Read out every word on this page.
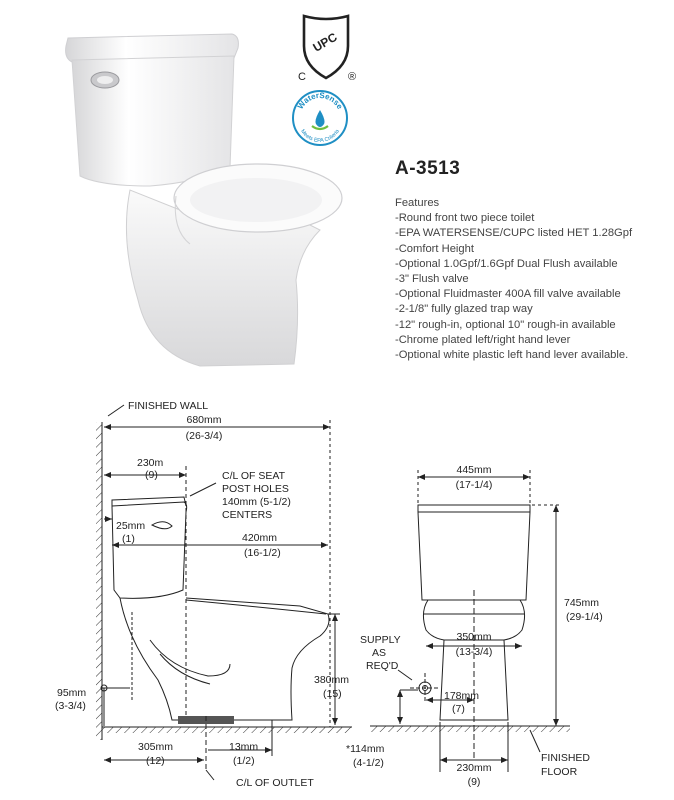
UPC
C	®
WaterSense
Meets EPA Criteria
A-3513
Features
-Round front two piece toilet
-EPA WATERSENSE/CUPC listed HET 1.28Gpf
-Comfort Height
-Optional 1.0Gpf/1.6Gpf Dual Flush available
-3" Flush valve
-Optional Fluidmaster 400A fill valve available
-2-1/8" fully glazed trap way
-12" rough-in, optional 10" rough-in available
-Chrome plated left/right hand lever
-Optional white plastic left hand lever available.
FINISHED WALL
680mm
(26-3/4)
230m
(9)	C/L OF SEAT
POST HOLES
140mm (5-1/2)
CENTERS
25mm
(1)	420mm
(16-1/2)
380mm
(15)
95mm
(3-3/4)
305mm
(12)
13mm
(1/2)
C/L OF OUTLET
445mm
(17-1/4)
350mm
(13-3/4)
745mm
(29-1/4)
SUPPLY
AS
REQ'D
178mm
(7)
*114mm
(4-1/2)	230mm
(9)
FINISHED
FLOOR
